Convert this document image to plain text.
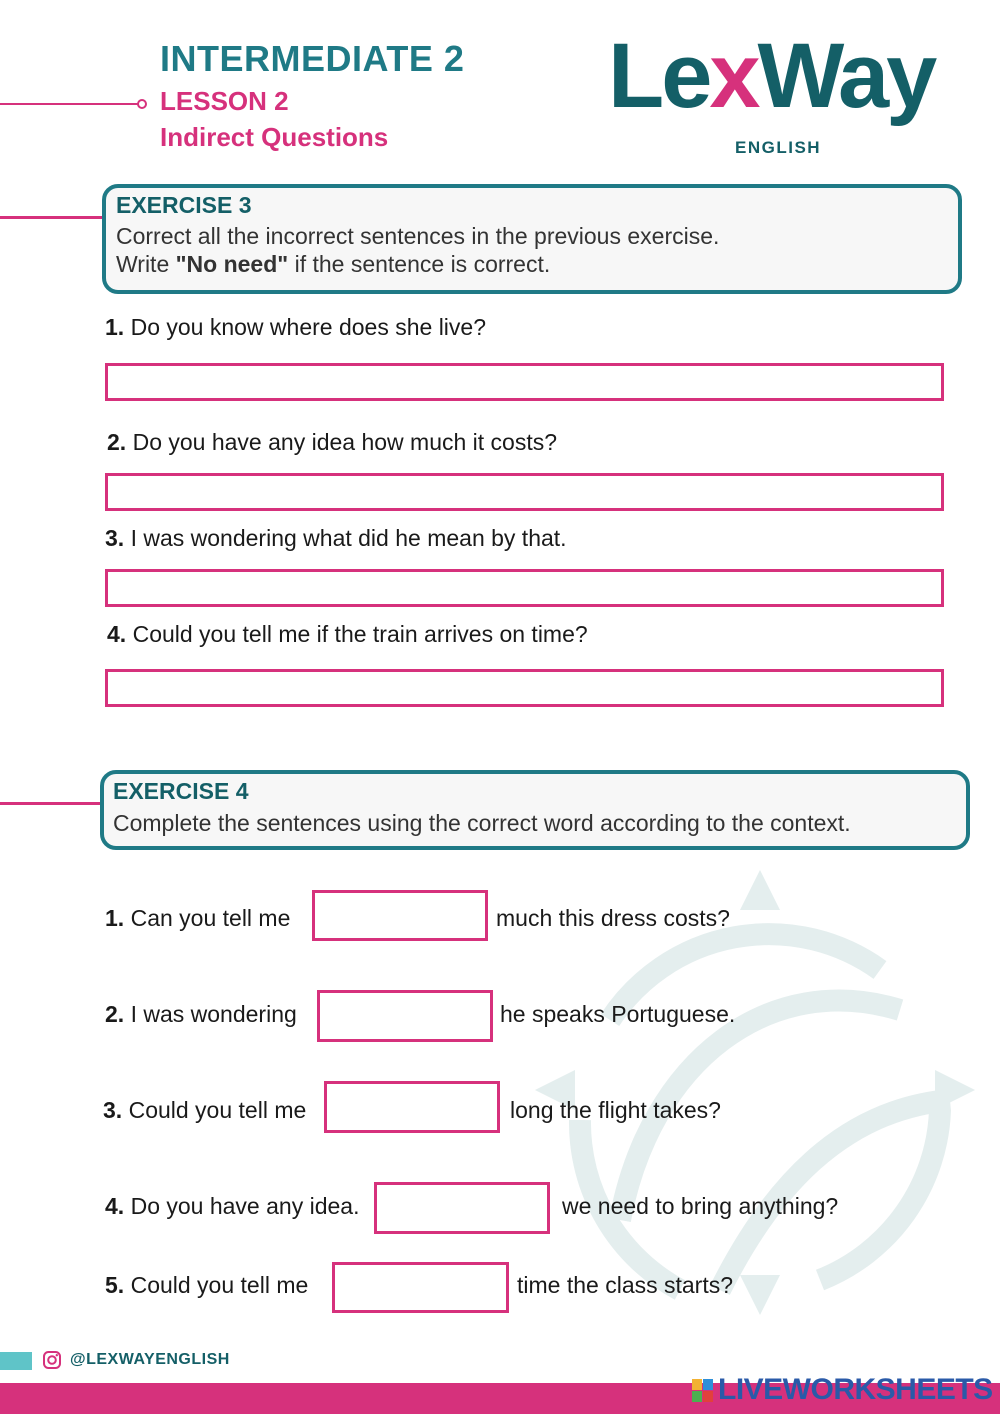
INTERMEDIATE 2
LESSON 2
Indirect Questions
LexWay
ENGLISH
EXERCISE 3
Correct all the incorrect sentences in the previous exercise.
Write "No need" if the sentence is correct.
1. Do you know where does she live?
2. Do you have any idea how much it costs?
3. I was wondering what did he mean by that.
4. Could you tell me if the train arrives on time?
EXERCISE 4
Complete the sentences using the correct word according to the context.
1. Can you tell me	much this dress costs?
2. I was wondering	he speaks Portuguese.
3. Could you tell me	long the flight takes?
4. Do you have any idea.	we need to bring anything?
5. Could you tell me	time the class starts?
@LEXWAYENGLISH
LIVEWORKSHEETS
